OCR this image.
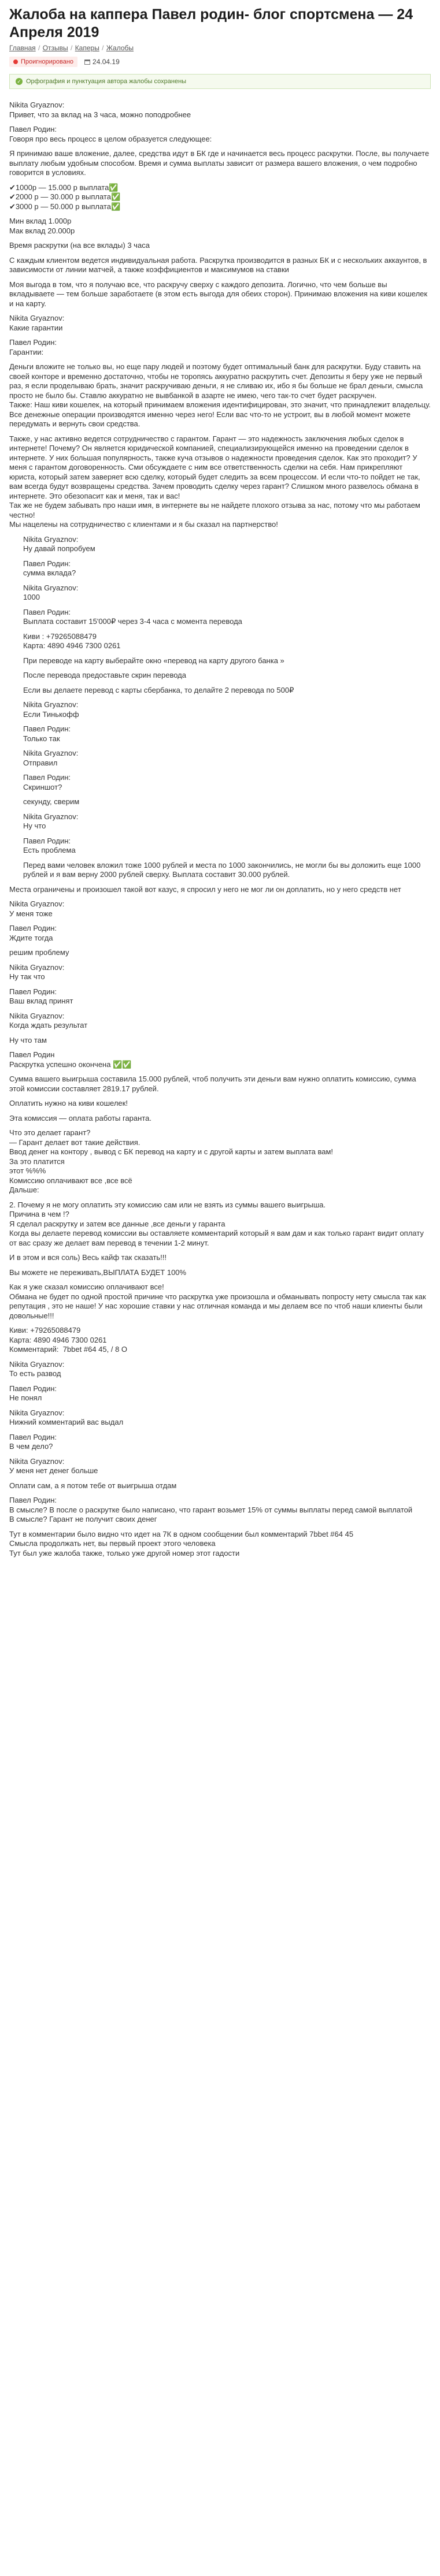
Жалоба на каппера Павел родин- блог спортсмена — 24 Апреля 2019
Главная / Отзывы / Каперы / Жалобы
Проигнорировано	24.04.19
✓ Орфография и пунктуация автора жалобы сохранены

Nikita Gryaznov:
Привет, что за вклад на 3 часа, можно поподробнее

Павел Родин:
Говоря про весь процесс в целом образуется следующее:

Я принимаю ваше вложение, далее, средства идут в БК где и начинается весь процесс раскрутки. После, вы получаете выплату любым удобным способом. Время и сумма выплаты зависит от размера вашего вложения, о чем подробно говорится в условиях.

✔1000р — 15.000 р выплата✅
✔2000 р — 30.000 р выплата✅
✔3000 р — 50.000 р выплата✅

Мин вклад 1.000р
Мак вклад 20.000р

Время раскрутки (на все вклады) 3 часа

С каждым клиентом ведется индивидуальная работа. Раскрутка производится в разных БК и с нескольких аккаунтов, в зависимости от линии матчей, а также коэффициентов и максимумов на ставки

Моя выгода в том, что я получаю все, что раскручу сверху с каждого депозита. Логично, что чем больше вы вкладываете — тем больше заработаете (в этом есть выгода для обеих сторон). Принимаю вложения на киви кошелек и на карту.

Nikita Gryaznov:
Какие гарантии

Павел Родин:
Гарантии:

Деньги вложите не только вы, но еще пару людей и поэтому будет оптимальный банк для раскрутки. Буду ставить на своей конторе и временно достаточно, чтобы не торопясь аккуратно раскрутить счет. Депозиты я беру уже не первый раз, я если проделываю брать, значит раскручиваю деньги, я не сливаю их, ибо я бы больше не брал деньги, смысла просто не было бы. Ставлю аккуратно не вывбанкой в азарте не имею, чего так-то счет будет раскручен.
Также: Наш киви кошелек, на который принимаем вложения идентифицирован, это значит, что принадлежит владельцу. Все денежные операции производятся именно через него! Если вас что-то не устроит, вы в любой момент можете передумать и вернуть свои средства.

Также, у нас активно ведется сотрудничество с гарантом. Гарант — это надежность заключения любых сделок в интернете! Почему? Он является юридической компанией, специализирующейся именно на проведении сделок в интернете. У них большая популярность, также куча отзывов о надежности проведения сделок. Как это проходит? У меня с гарантом договоренность. Сми обсуждаете с ним все ответственность сделки на себя. Нам прикрепляют юриста, который затем заверяет всю сделку, который будет следить за всем процессом. И если что-то пойдет не так, вам всегда будут возвращены средства. Зачем проводить сделку через гарант? Слишком много развелось обмана в интернете. Это обезопасит как и меня, так и вас!
Так же не будем забывать про наши имя, в интернете вы не найдете плохого отзыва за нас, потому что мы работаем честно!
Мы нацелены на сотрудничество с клиентами и я бы сказал на партнерство!

Nikita Gryaznov:
Ну давай попробуем

Павел Родин:
сумма вклада?

Nikita Gryaznov:
1000

Павел Родин:
Выплата составит 15'000₽ через 3-4 часа с момента перевода

Киви : +79265088479
Карта: 4890 4946 7300 0261

При переводе на карту выберайте окно «перевод на карту другого банка »

После перевода предоставьте скрин перевода

Если вы делаете перевод с карты сбербанка, то делайте 2 перевода по 500₽

Nikita Gryaznov:
Если Тинькофф

Павел Родин:
Только так

Nikita Gryaznov:
Отправил

Павел Родин:
Скриншот?

секунду, сверим

Nikita Gryaznov:
Ну что

Павел Родин:
Есть проблема

Перед вами человек вложил тоже 1000 рублей и места по 1000 закончились, не могли бы вы доложить еще 1000 рублей и я вам верну 2000 рублей сверху. Выплата составит 30.000 рублей.

Места ограничены и произошел такой вот казус, я спросил у него не мог ли он доплатить, но у него средств нет

Nikita Gryaznov:
У меня тоже

Павел Родин:
Ждите тогда

решим проблему

Nikita Gryaznov:
Ну так что

Павел Родин:
Ваш вклад принят

Nikita Gryaznov:
Когда ждать результат

Ну что там

Павел Родин
Раскрутка успешно окончена ✅✅

Сумма вашего выигрыша составила 15.000 рублей, чтоб получить эти деньги вам нужно оплатить комиссию, сумма этой комиссии составляет 2819.17 рублей.

Оплатить нужно на киви кошелек!

Эта комиссия — оплата работы гаранта.

Что это делает гарант?
— Гарант делает вот такие действия.
Ввод денег на контору , вывод с БК перевод на карту и с другой карты и затем выплата вам!
За это платится
этот %%%
Комиссию оплачивают все ,все всё
Дальше:

2. Почему я не могу оплатить эту комиссию сам или не взять из суммы вашего выигрыша.
Причина в чем !?
Я сделал раскрутку и затем все данные ,все деньги у гаранта
Когда вы делаете перевод комиссии вы оставляете комментарий который я вам дам и как только гарант видит оплату от вас сразу же делает вам перевод в течении 1-2 минут.

И в этом и вся соль) Весь кайф так сказать!!!

Вы можете не переживать,ВЫПЛАТА БУДЕТ 100%

Как я уже сказал комиссию оплачивают все!
Обмана не будет по одной простой причине что раскрутка уже произошла и обманывать попросту нету смысла так как репутация , это не наше! У нас хорошие ставки у нас отличная команда и мы делаем все по чтоб наши клиенты были довольные!!!

Киви: +79265088479
Карта: 4890 4946 7300 0261
Комментарий:  7bbet #64 45, / 8 О

Nikita Gryaznov:
То есть развод

Павел Родин:
Не понял

Nikita Gryaznov:
Нижний комментарий вас выдал

Павел Родин:
В чем дело?

Nikita Gryaznov:
У меня нет денег больше

Оплати сам, а я потом тебе от выигрыша отдам

Павел Родин:
В смысле? В после о раскрутке было написано, что гарант возьмет 15% от суммы выплаты перед самой выплатой
В смысле? Гарант не получит своих денег

Тут в комментарии было видно что идет на 7К в одном сообщении был комментарий 7bbet #64 45
Смысла продолжать нет, вы первый проект этого человека
Тут был уже жалоба также, только уже другой номер этот гадости
